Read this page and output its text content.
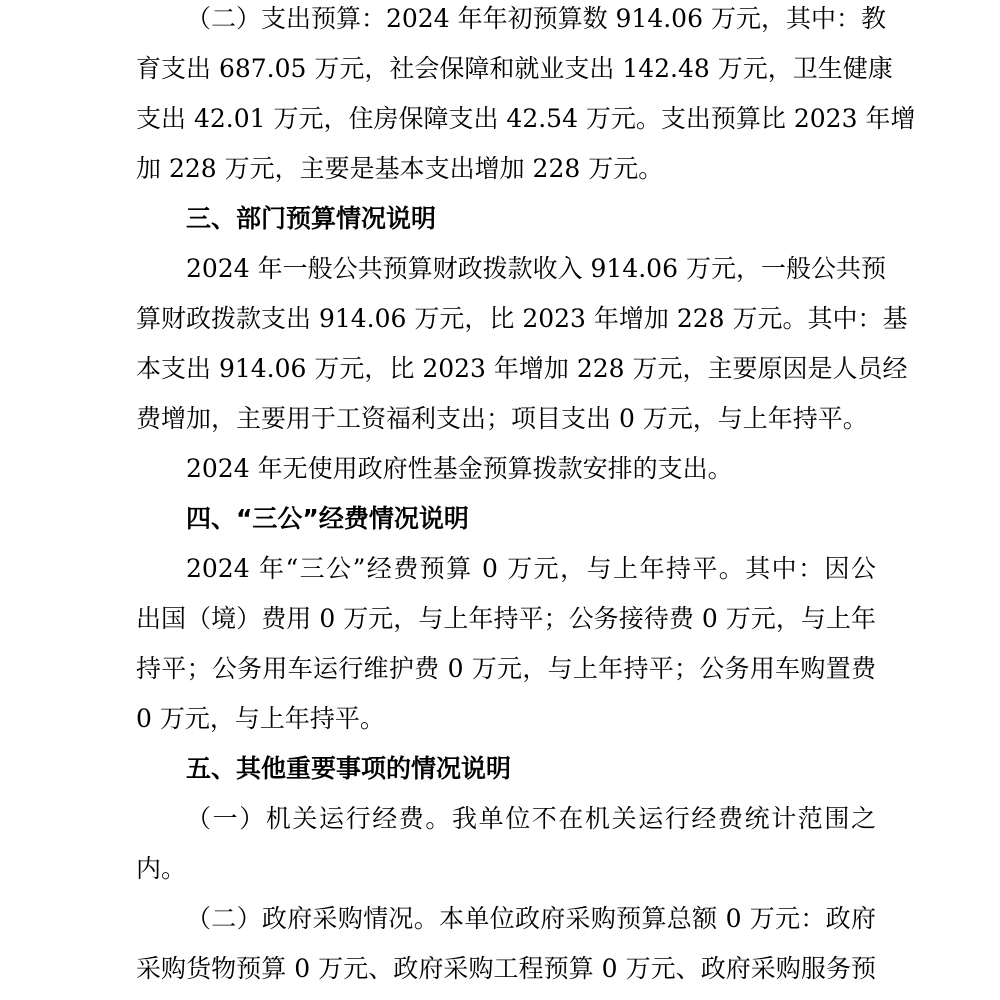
（二）支出预算：2024 年年初预算数 914.06 万元，其中：教
育支出 687.05 万元，社会保障和就业支出 142.48 万元，卫生健康
支出 42.01 万元，住房保障支出 42.54 万元。支出预算比 2023 年增
加 228 万元，主要是基本支出增加 228 万元。
三、部门预算情况说明
2024 年一般公共预算财政拨款收入 914.06 万元，一般公共预
算财政拨款支出 914.06 万元，比 2023 年增加 228 万元。其中：基
本支出 914.06 万元，比 2023 年增加 228 万元，主要原因是人员经
费增加，主要用于工资福利支出；项目支出 0 万元，与上年持平。
2024 年无使用政府性基金预算拨款安排的支出。
四、“三公”经费情况说明
2024 年“三公”经费预算 0 万元，与上年持平。其中：因公
出国（境）费用 0 万元，与上年持平；公务接待费 0 万元，与上年
持平；公务用车运行维护费 0 万元，与上年持平；公务用车购置费
0 万元，与上年持平。
五、其他重要事项的情况说明
（一）机关运行经费。我单位不在机关运行经费统计范围之
内。
（二）政府采购情况。本单位政府采购预算总额 0 万元：政府
采购货物预算 0 万元、政府采购工程预算 0 万元、政府采购服务预
